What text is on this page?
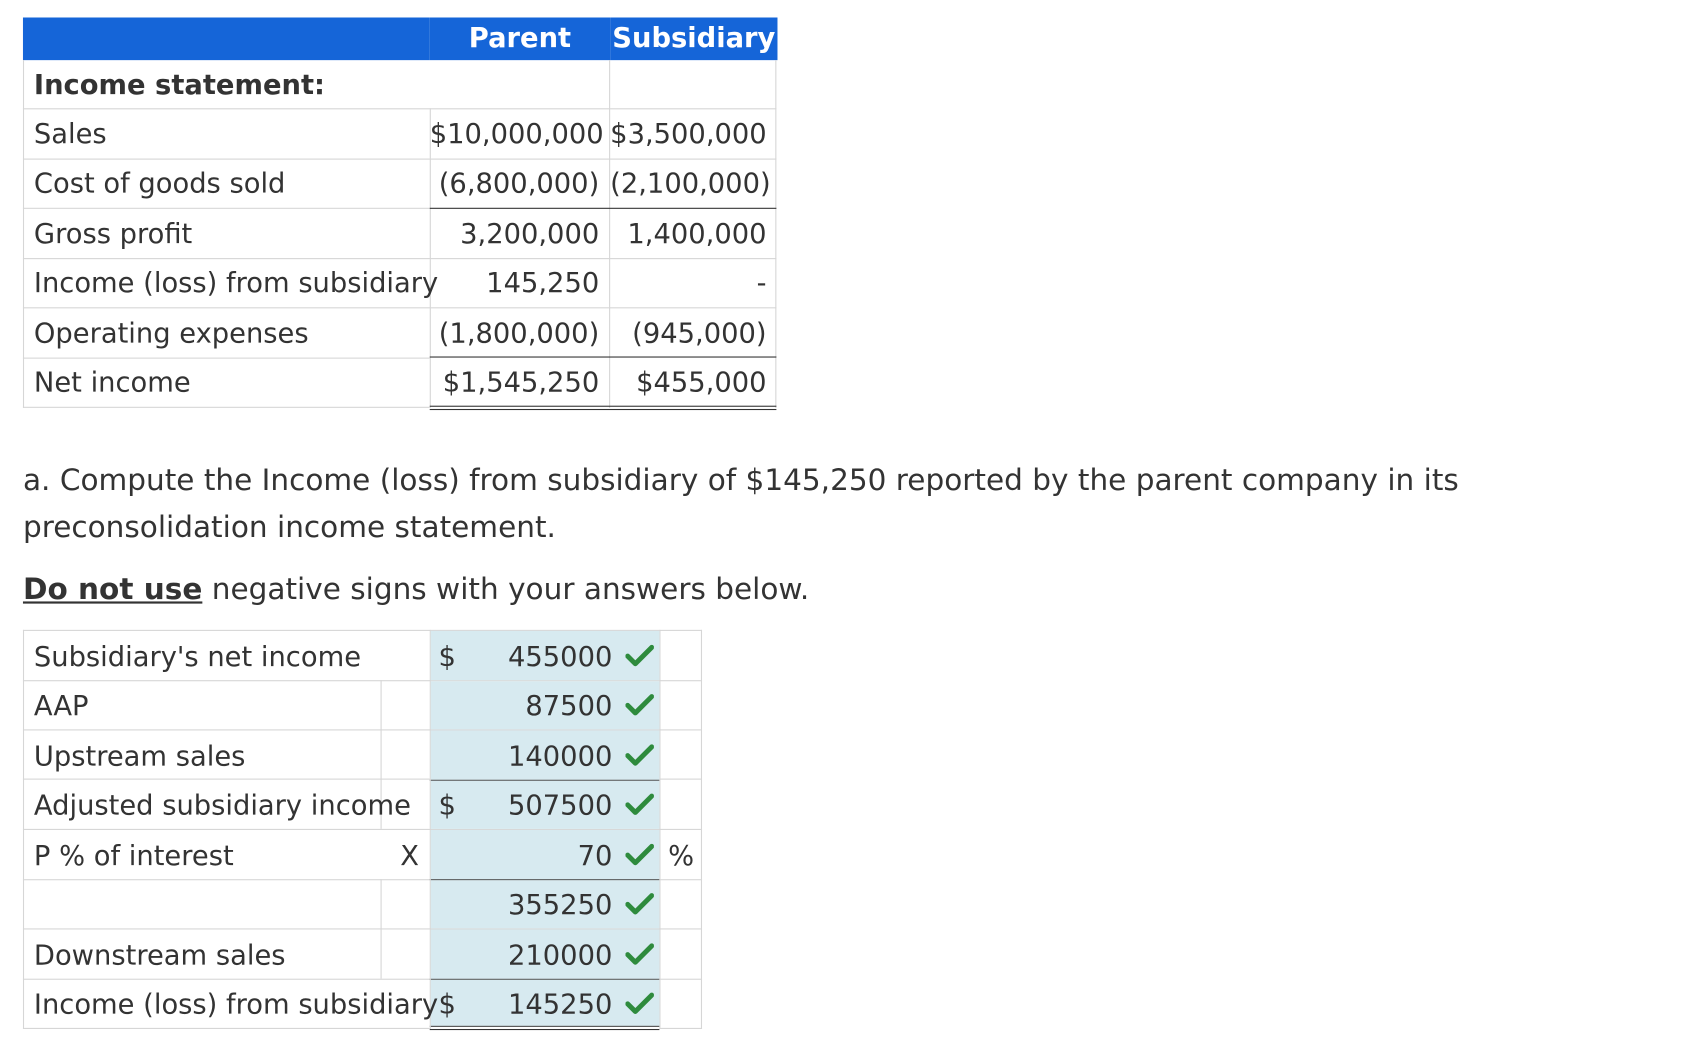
Parent	Subsidiary
Income statement:
Sales	$10,000,000 $3,500,000
Cost of goods sold	(6,800,000) (2,100,000)
Gross profit	3,200,000	1,400,000
Income (loss) from subsidiary	145,250	-
Operating expenses	(1,800,000)	(945,000)
Net income	$1,545,250	$455,000
a. Compute the Income (loss) from subsidiary of $145,250 reported by the parent company in its preconsolidation income statement.
Do not use negative signs with your answers below.
Subsidiary's net income	$	455000
AAP	87500
Upstream sales	140000
Adjusted subsidiary income $	507500
P % of interest	X	70 %
355250
Downstream sales	210000
Income (loss) from subsidiary $	145250
